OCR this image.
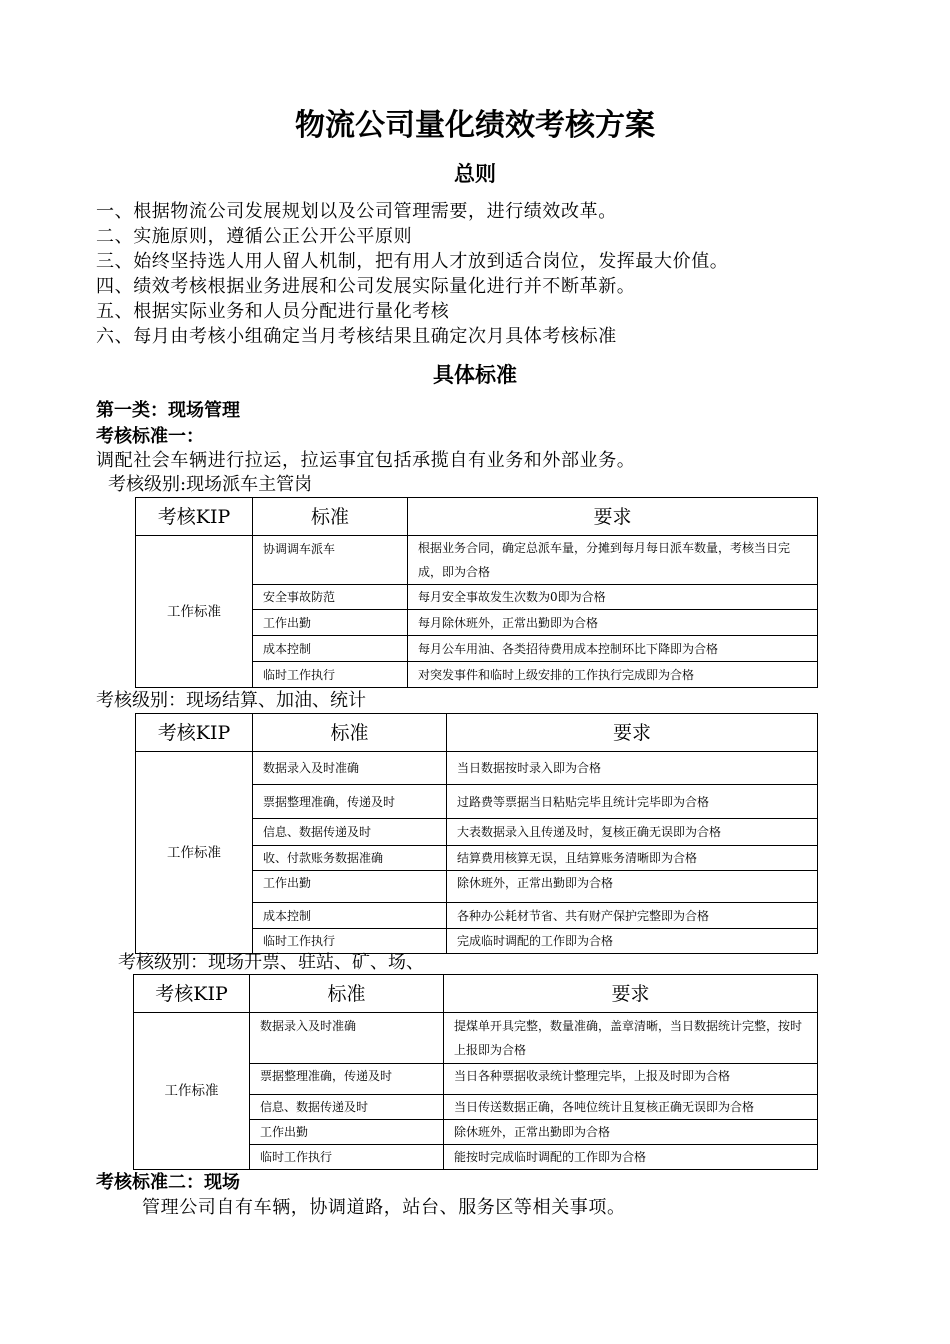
物流公司量化绩效考核方案
总则
一、根据物流公司发展规划以及公司管理需要，进行绩效改革。
二、实施原则，遵循公正公开公平原则
三、始终坚持选人用人留人机制，把有用人才放到适合岗位，发挥最大价值。
四、绩效考核根据业务进展和公司发展实际量化进行并不断革新。
五、根据实际业务和人员分配进行量化考核
六、每月由考核小组确定当月考核结果且确定次月具体考核标准
具体标准
第一类：现场管理
考核标准一：
调配社会车辆进行拉运，拉运事宜包括承揽自有业务和外部业务。
考核级别:现场派车主管岗
考核KIP	标准	要求
工作标准	协调调车派车	根据业务合同，确定总派车量，分摊到每月每日派车数量，考核当日完成，即为合格
	安全事故防范	每月安全事故发生次数为0即为合格
	工作出勤	每月除休班外，正常出勤即为合格
	成本控制	每月公车用油、各类招待费用成本控制环比下降即为合格
	临时工作执行	对突发事件和临时上级安排的工作执行完成即为合格
考核级别：现场结算、加油、统计
考核KIP	标准	要求
工作标准	数据录入及时准确	当日数据按时录入即为合格
	票据整理准确，传递及时	过路费等票据当日粘贴完毕且统计完毕即为合格
	信息、数据传递及时	大表数据录入且传递及时，复核正确无误即为合格
	收、付款账务数据准确	结算费用核算无误，且结算账务清晰即为合格
	工作出勤	除休班外，正常出勤即为合格
	成本控制	各种办公耗材节省、共有财产保护完整即为合格
	临时工作执行	完成临时调配的工作即为合格
考核级别：现场开票、驻站、矿、场、
考核KIP	标准	要求
工作标准	数据录入及时准确	提煤单开具完整，数量准确，盖章清晰，当日数据统计完整，按时上报即为合格
	票据整理准确，传递及时	当日各种票据收录统计整理完毕，上报及时即为合格
	信息、数据传递及时	当日传送数据正确，各吨位统计且复核正确无误即为合格
	工作出勤	除休班外，正常出勤即为合格
	临时工作执行	能按时完成临时调配的工作即为合格
考核标准二：现场
管理公司自有车辆，协调道路，站台、服务区等相关事项。
